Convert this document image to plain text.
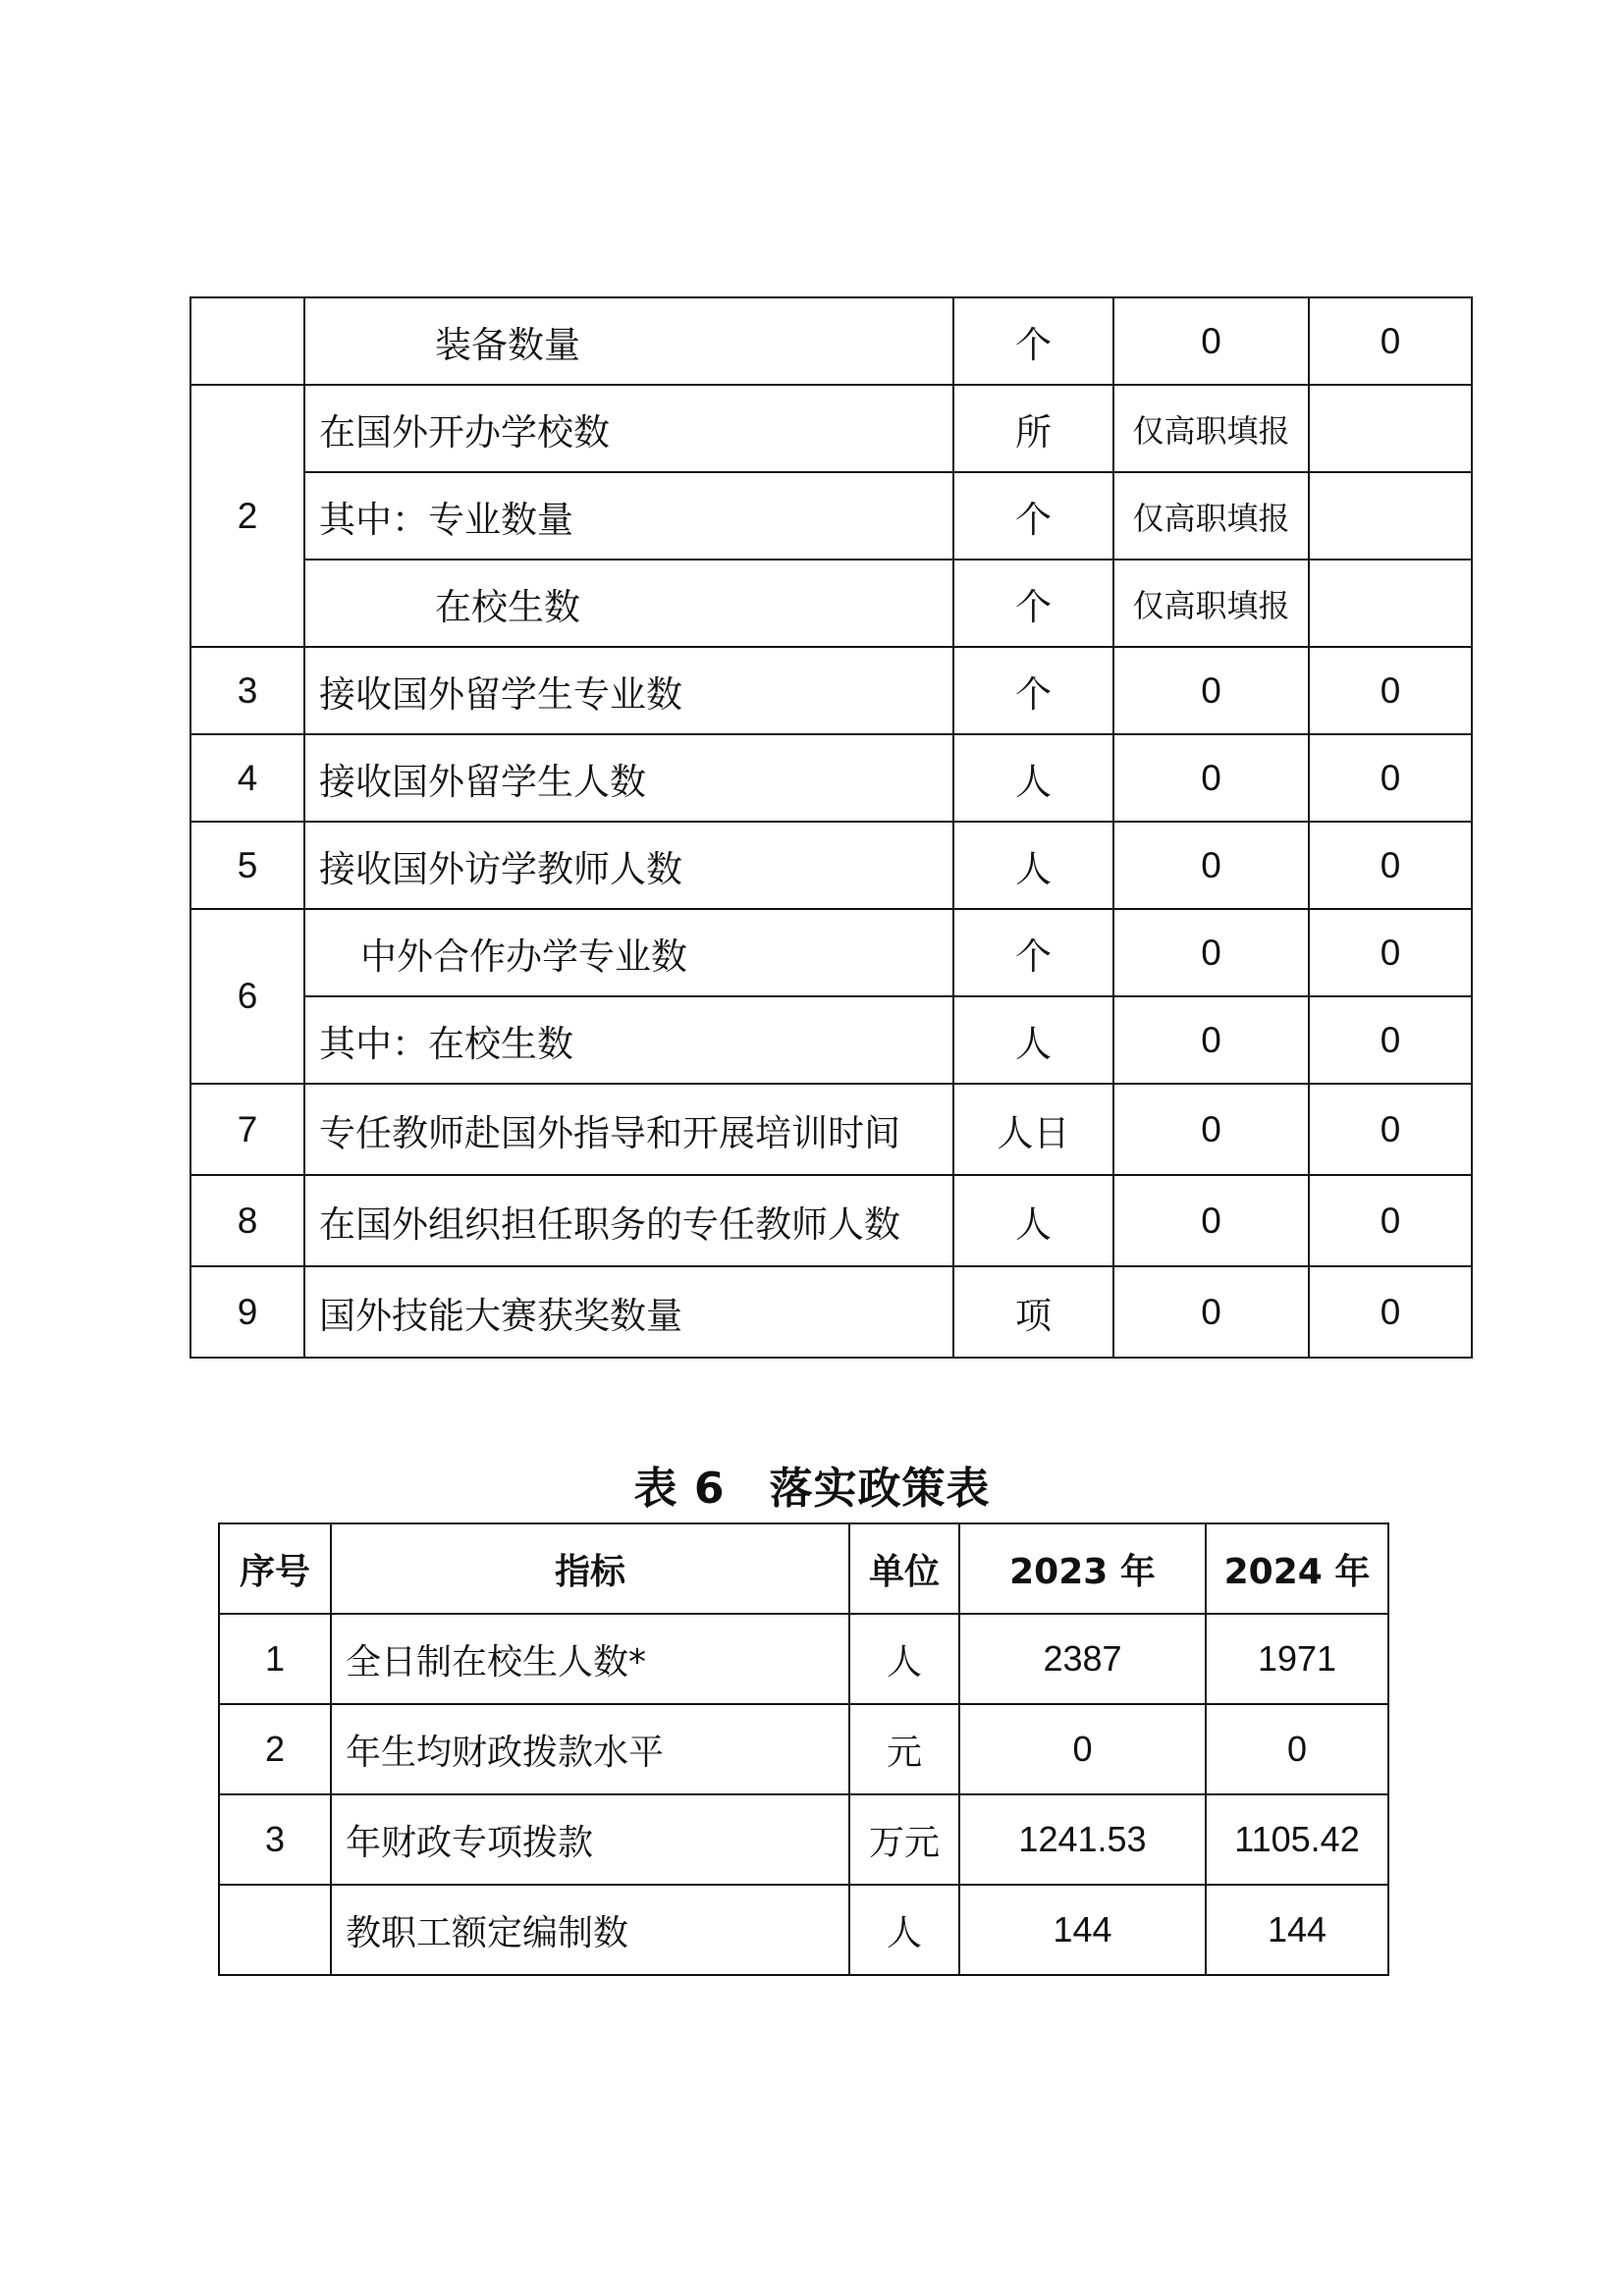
	装备数量	个	0	0
2	在国外开办学校数	所	仅高职填报	
	其中：专业数量	个	仅高职填报	
	在校生数	个	仅高职填报	
3	接收国外留学生专业数	个	0	0
4	接收国外留学生人数	人	0	0
5	接收国外访学教师人数	人	0	0
6	中外合作办学专业数	个	0	0
	其中：在校生数	人	0	0
7	专任教师赴国外指导和开展培训时间	人日	0	0
8	在国外组织担任职务的专任教师人数	人	0	0
9	国外技能大赛获奖数量	项	0	0
表 6　落实政策表
序号	指标	单位	2023 年	2024 年
1	全日制在校生人数*	人	2387	1971
2	年生均财政拨款水平	元	0	0
3	年财政专项拨款	万元	1241.53	1105.42
	教职工额定编制数	人	144	144
